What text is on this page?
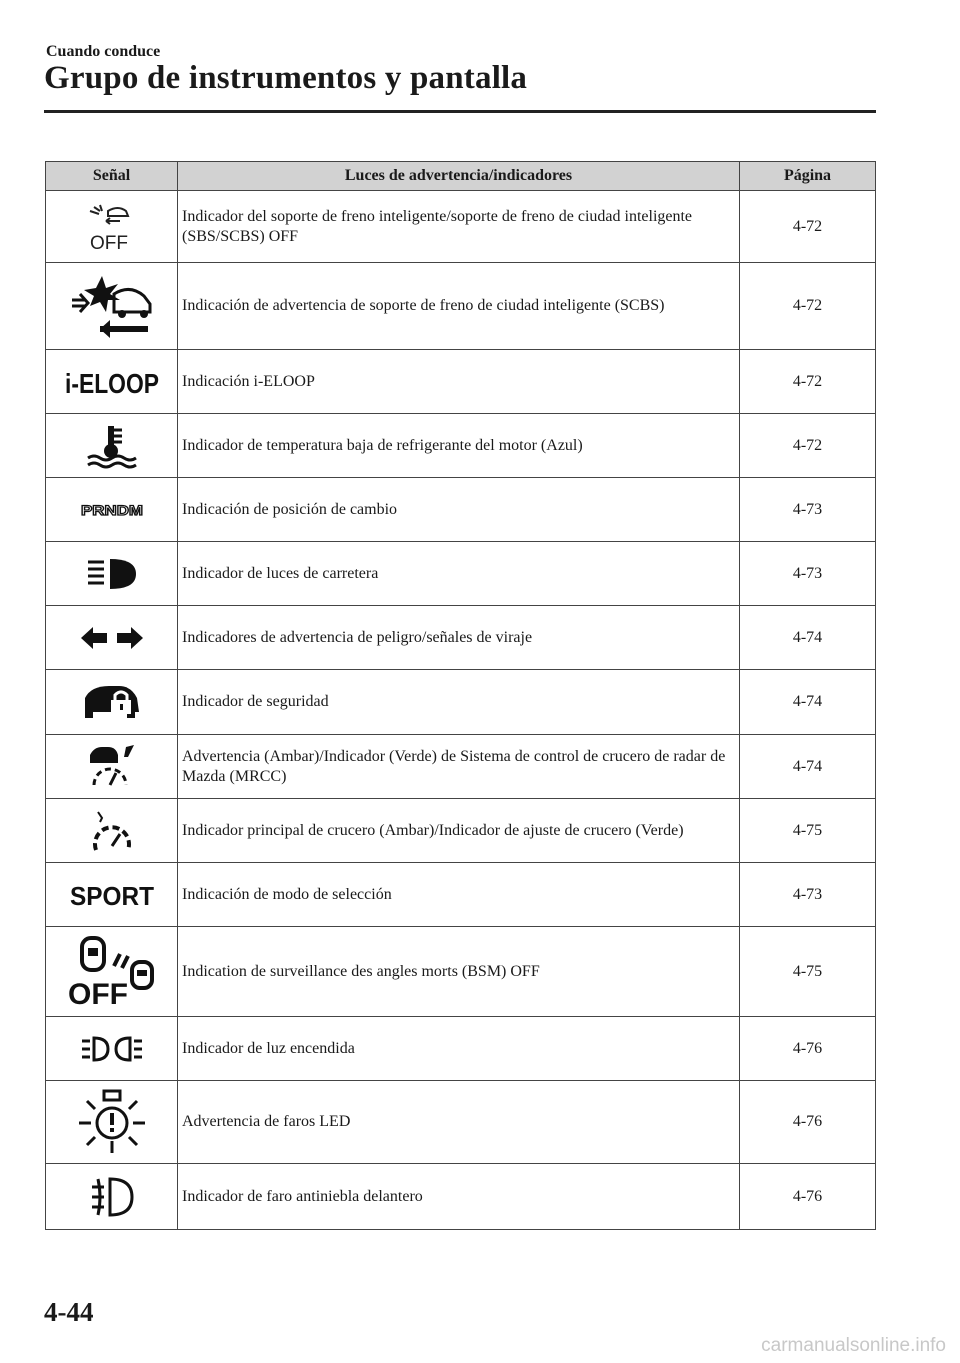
Cuando conduce
Grupo de instrumentos y pantalla
Señal	Luces de advertencia/indicadores	Página

OFF	Indicador del soporte de freno inteligente/soporte de freno de ciudad inteligente (SBS/SCBS) OFF	4-72

	Indicación de advertencia de soporte de freno de ciudad inteligente (SCBS)	4-72

i-ELOOP	Indicación i-ELOOP	4-72

	Indicador de temperatura baja de refrigerante del motor (Azul)	4-72

PRNDM	Indicación de posición de cambio	4-73

	Indicador de luces de carretera	4-73

	Indicadores de advertencia de peligro/señales de viraje	4-74

	Indicador de seguridad	4-74

	Advertencia (Ambar)/Indicador (Verde) de Sistema de control de crucero de radar de Mazda (MRCC)	4-74

	Indicador principal de crucero (Ambar)/Indicador de ajuste de crucero (Verde)	4-75

SPORT	Indicación de modo de selección	4-73

OFF	Indication de surveillance des angles morts (BSM) OFF	4-75

	Indicador de luz encendida	4-76

	Advertencia de faros LED	4-76

	Indicador de faro antiniebla delantero	4-76
4-44
carmanualsonline.info
